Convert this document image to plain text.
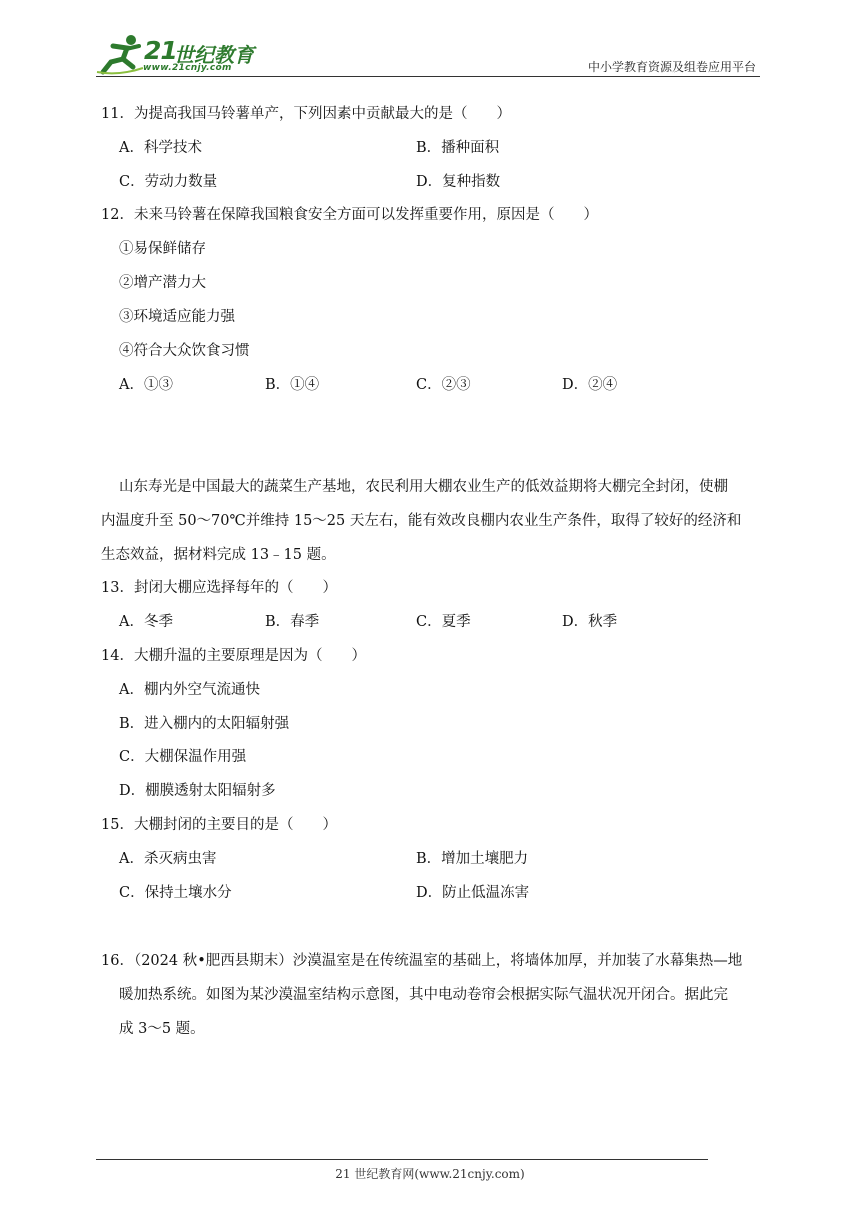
21
世纪教育
www.21cnjy.com	中小学教育资源及组卷应用平台
11．为提高我国马铃薯单产，下列因素中贡献最大的是（　　）
A．科学技术	B．播种面积
C．劳动力数量	D．复种指数
12．未来马铃薯在保障我国粮食安全方面可以发挥重要作用，原因是（　　）
①易保鲜储存
②增产潜力大
③环境适应能力强
④符合大众饮食习惯
A．①③	B．①④	C．②③	D．②④
山东寿光是中国最大的蔬菜生产基地，农民利用大棚农业生产的低效益期将大棚完全封闭，使棚
内温度升至 50～70℃并维持 15～25 天左右，能有效改良棚内农业生产条件，取得了较好的经济和
生态效益，据材料完成 13﹣15 题。
13．封闭大棚应选择每年的（　　）
A．冬季	B．春季	C．夏季	D．秋季
14．大棚升温的主要原理是因为（　　）
A．棚内外空气流通快
B．进入棚内的太阳辐射强
C．大棚保温作用强
D．棚膜透射太阳辐射多
15．大棚封闭的主要目的是（　　）
A．杀灭病虫害	B．增加土壤肥力
C．保持土壤水分	D．防止低温冻害
16．（2024 秋•肥西县期末）沙漠温室是在传统温室的基础上，将墙体加厚，并加装了水幕集热—地
暖加热系统。如图为某沙漠温室结构示意图，其中电动卷帘会根据实际气温状况开闭合。据此完
成 3～5 题。
21 世纪教育网(www.21cnjy.com)
